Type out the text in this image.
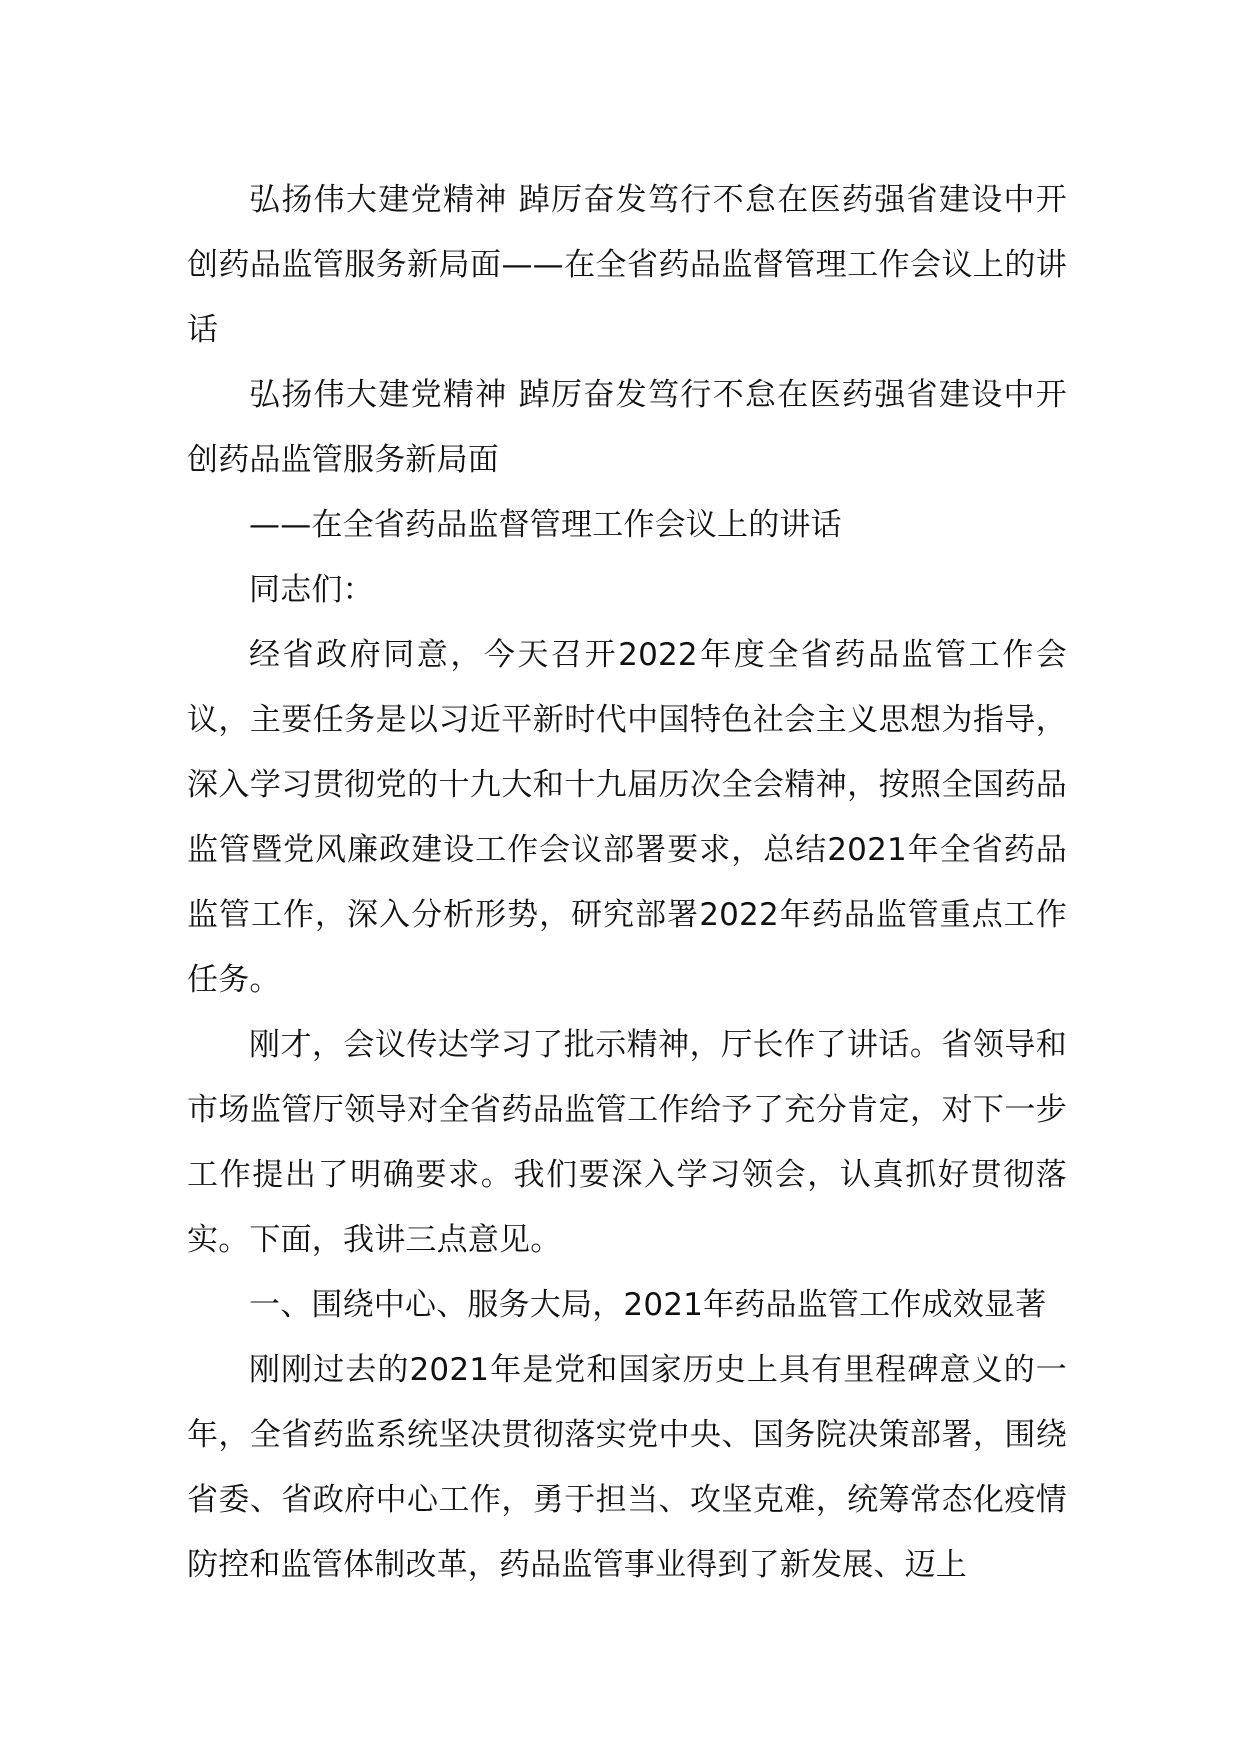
弘扬伟大建党精神 踔厉奋发笃行不怠在医药强省建设中开创药品监管服务新局面——在全省药品监督管理工作会议上的讲话

弘扬伟大建党精神 踔厉奋发笃行不怠在医药强省建设中开创药品监管服务新局面

——在全省药品监督管理工作会议上的讲话

同志们：

经省政府同意，今天召开2022年度全省药品监管工作会议，主要任务是以习近平新时代中国特色社会主义思想为指导，深入学习贯彻党的十九大和十九届历次全会精神，按照全国药品监管暨党风廉政建设工作会议部署要求，总结2021年全省药品监管工作，深入分析形势，研究部署2022年药品监管重点工作任务。

刚才，会议传达学习了批示精神，厅长作了讲话。省领导和市场监管厅领导对全省药品监管工作给予了充分肯定，对下一步工作提出了明确要求。我们要深入学习领会，认真抓好贯彻落实。下面，我讲三点意见。

一、围绕中心、服务大局，2021年药品监管工作成效显著

刚刚过去的2021年是党和国家历史上具有里程碑意义的一年，全省药监系统坚决贯彻落实党中央、国务院决策部署，围绕省委、省政府中心工作，勇于担当、攻坚克难，统筹常态化疫情防控和监管体制改革，药品监管事业得到了新发展、迈上
